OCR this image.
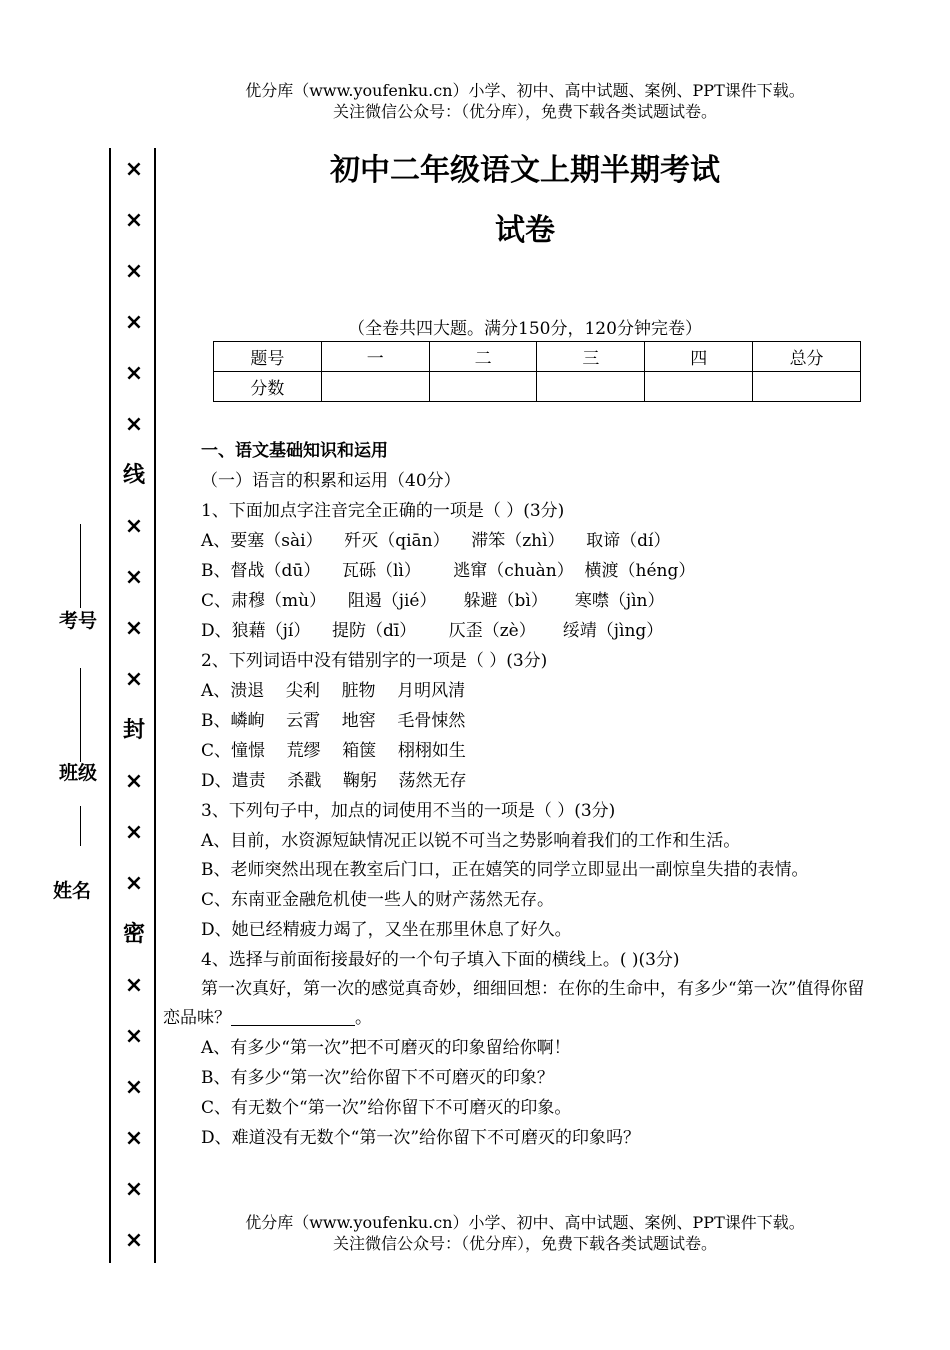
优分库（www.youfenku.cn）小学、初中、高中试题、案例、PPT课件下载。
关注微信公众号：（优分库），免费下载各类试题试卷。
×
×
×
×
×
×
线
×
×
×
×
封
×
×
×
密
×
×
×
×
×
×
考号
班级
姓名
初中二年级语文上期半期考试
试卷
（全卷共四大题。满分150分，120分钟完卷）
题号	一	二	三	四	总分
分数					
一、语文基础知识和运用
（一）语言的积累和运用（40分）
1、下面加点字注音完全正确的一项是（ ）(3分)
A、要塞（sài）    歼灭（qiān）    滞笨（zhì）    取谛（dí）
B、督战（dū）    瓦砾（lì）      逃窜（chuàn）  横渡（héng）
C、肃穆（mù）    阻遏（jié）     躲避（bì）     寒噤（jìn）
D、狼藉（jí）    提防（dī）      仄歪（zè）     绥靖（jìng）
2、下列词语中没有错别字的一项是（ ）(3分)
A、溃退    尖利    脏物    月明风清
B、嶙峋    云霄    地窖    毛骨悚然
C、憧憬    荒缪    箱箧    栩栩如生
D、遣责    杀戳    鞠躬    荡然无存
3、下列句子中，加点的词使用不当的一项是（ ）(3分)
A、目前，水资源短缺情况正以锐不可当之势影响着我们的工作和生活。
B、老师突然出现在教室后门口，正在嬉笑的同学立即显出一副惊皇失措的表情。
C、东南亚金融危机使一些人的财产荡然无存。
D、她已经精疲力竭了，又坐在那里休息了好久。
4、选择与前面衔接最好的一个句子填入下面的横线上。( )(3分)
第一次真好，第一次的感觉真奇妙，细细回想：在你的生命中，有多少“第一次”值得你留恋品味？	。
A、有多少“第一次”把不可磨灭的印象留给你啊！
B、有多少“第一次”给你留下不可磨灭的印象？
C、有无数个“第一次”给你留下不可磨灭的印象。
D、难道没有无数个“第一次”给你留下不可磨灭的印象吗？
优分库（www.youfenku.cn）小学、初中、高中试题、案例、PPT课件下载。
关注微信公众号：（优分库），免费下载各类试题试卷。
